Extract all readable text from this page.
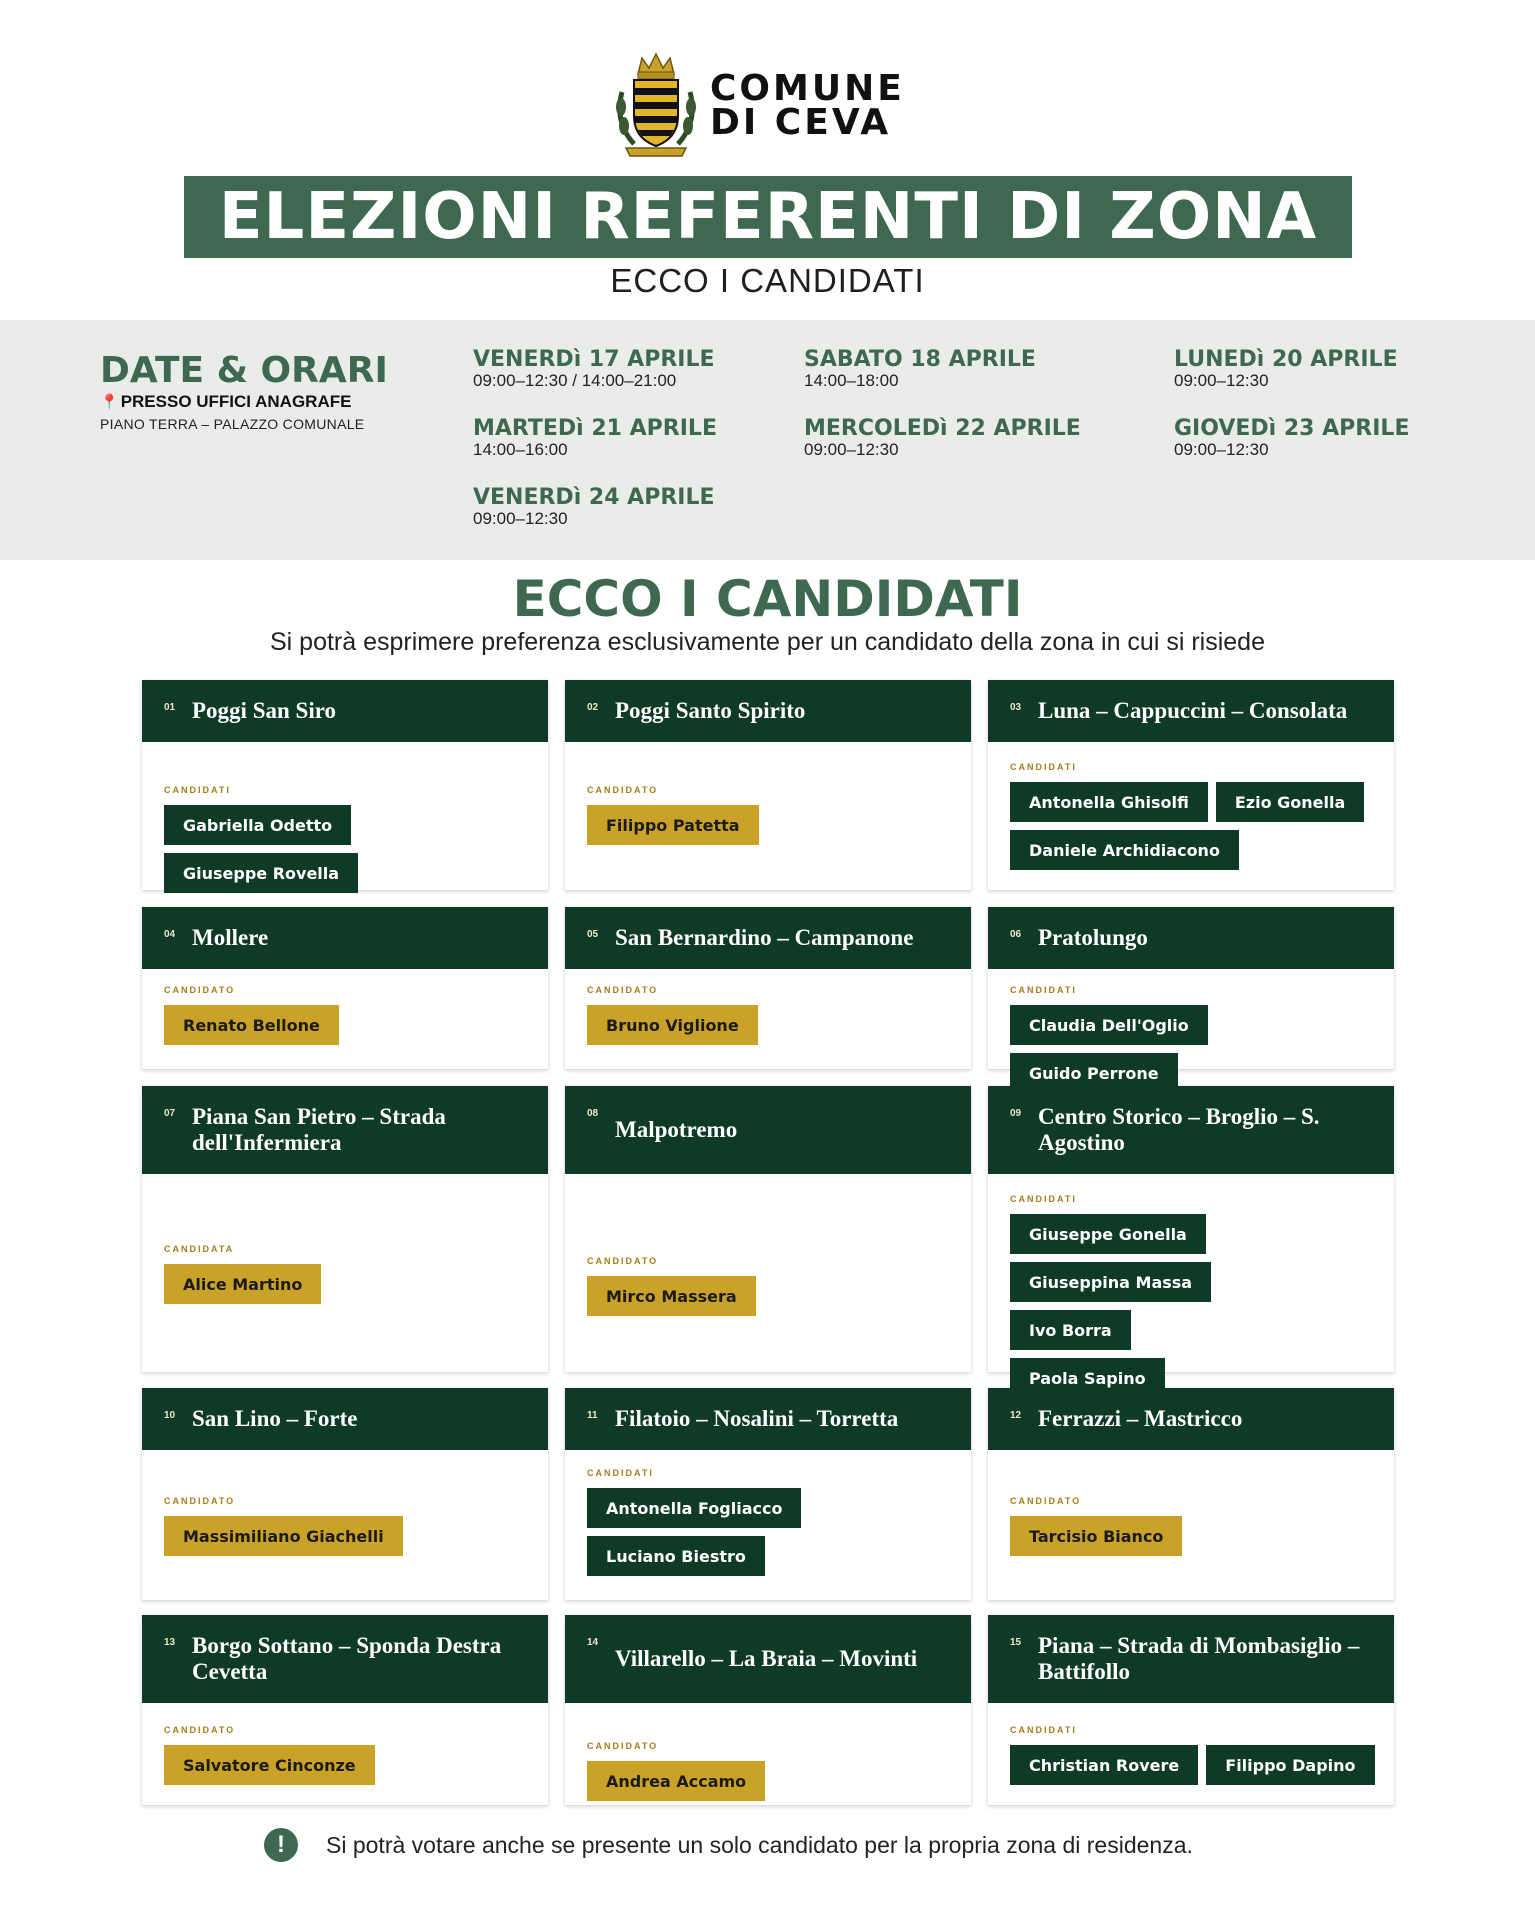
COMUNE
DI CEVA
ELEZIONI REFERENTI DI ZONA
ECCO I CANDIDATI
DATE & ORARI
📍 PRESSO UFFICI ANAGRAFE
PIANO TERRA – PALAZZO COMUNALE
VENERDì 17 APRILE
09:00–12:30 / 14:00–21:00
SABATO 18 APRILE
14:00–18:00
LUNEDì 20 APRILE
09:00–12:30
MARTEDì 21 APRILE
14:00–16:00
MERCOLEDì 22 APRILE
09:00–12:30
GIOVEDì 23 APRILE
09:00–12:30
VENERDì 24 APRILE
09:00–12:30
ECCO I CANDIDATI
Si potrà esprimere preferenza esclusivamente per un candidato della zona in cui si risiede
01 Poggi San Siro
CANDIDATI
Gabriella Odetto
Giuseppe Rovella
02 Poggi Santo Spirito
CANDIDATO
Filippo Patetta
03 Luna – Cappuccini – Consolata
CANDIDATI
Antonella Ghisolfi	Ezio Gonella
Daniele Archidiacono
04 Mollere
CANDIDATO
Renato Bellone
05 San Bernardino – Campanone
CANDIDATO
Bruno Viglione
06 Pratolungo
CANDIDATI
Claudia Dell'Oglio
Guido Perrone
07 Piana San Pietro – Strada dell'Infermiera
CANDIDATA
Alice Martino
08
Malpotremo
CANDIDATO
Mirco Massera
09 Centro Storico – Broglio – S. Agostino
CANDIDATI
Giuseppe Gonella
Giuseppina Massa
Ivo Borra
Paola Sapino
10 San Lino – Forte
CANDIDATO
Massimiliano Giachelli
11 Filatoio – Nosalini – Torretta
CANDIDATI
Antonella Fogliacco
Luciano Biestro
12 Ferrazzi – Mastricco
CANDIDATO
Tarcisio Bianco
13 Borgo Sottano – Sponda Destra Cevetta
CANDIDATO
Salvatore Cinconze
14
Villarello – La Braia – Movinti
CANDIDATO
Andrea Accamo
15 Piana – Strada di Mombasiglio – Battifollo
CANDIDATI
Christian Rovere	Filippo Dapino
!	Si potrà votare anche se presente un solo candidato per la propria zona di residenza.
